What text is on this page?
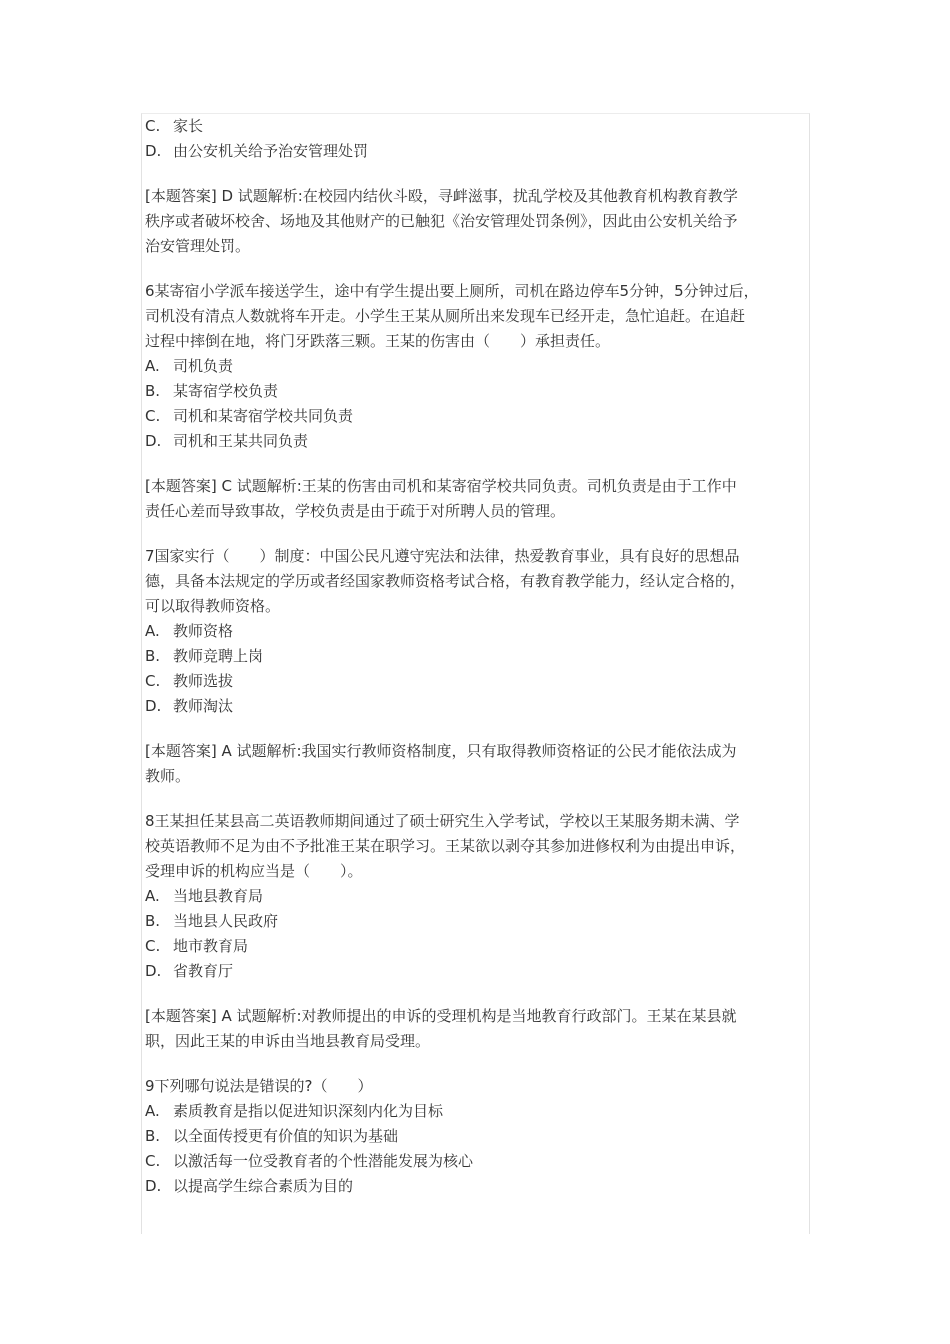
C. 家长
D. 由公安机关给予治安管理处罚
[本题答案] D 试题解析:在校园内结伙斗殴，寻衅滋事，扰乱学校及其他教育机构教育教学
秩序或者破坏校舍、场地及其他财产的已触犯《治安管理处罚条例》，因此由公安机关给予
治安管理处罚。
6某寄宿小学派车接送学生，途中有学生提出要上厕所，司机在路边停车5分钟，5分钟过后，
司机没有清点人数就将车开走。小学生王某从厕所出来发现车已经开走，急忙追赶。在追赶
过程中摔倒在地，将门牙跌落三颗。王某的伤害由（　　）承担责任。
A. 司机负责
B. 某寄宿学校负责
C. 司机和某寄宿学校共同负责
D. 司机和王某共同负责
[本题答案] C 试题解析:王某的伤害由司机和某寄宿学校共同负责。司机负责是由于工作中
责任心差而导致事故，学校负责是由于疏于对所聘人员的管理。
7国家实行（　　）制度：中国公民凡遵守宪法和法律，热爱教育事业，具有良好的思想品
德，具备本法规定的学历或者经国家教师资格考试合格，有教育教学能力，经认定合格的，
可以取得教师资格。
A. 教师资格
B. 教师竞聘上岗
C. 教师选拔
D. 教师淘汰
[本题答案] A 试题解析:我国实行教师资格制度，只有取得教师资格证的公民才能依法成为
教师。
8王某担任某县高二英语教师期间通过了硕士研究生入学考试，学校以王某服务期未满、学
校英语教师不足为由不予批准王某在职学习。王某欲以剥夺其参加进修权利为由提出申诉，
受理申诉的机构应当是（　　）。
A. 当地县教育局
B. 当地县人民政府
C. 地市教育局
D. 省教育厅
[本题答案] A 试题解析:对教师提出的申诉的受理机构是当地教育行政部门。王某在某县就
职，因此王某的申诉由当地县教育局受理。
9下列哪句说法是错误的?（　　）
A. 素质教育是指以促进知识深刻内化为目标
B. 以全面传授更有价值的知识为基础
C. 以激活每一位受教育者的个性潜能发展为核心
D. 以提高学生综合素质为目的
